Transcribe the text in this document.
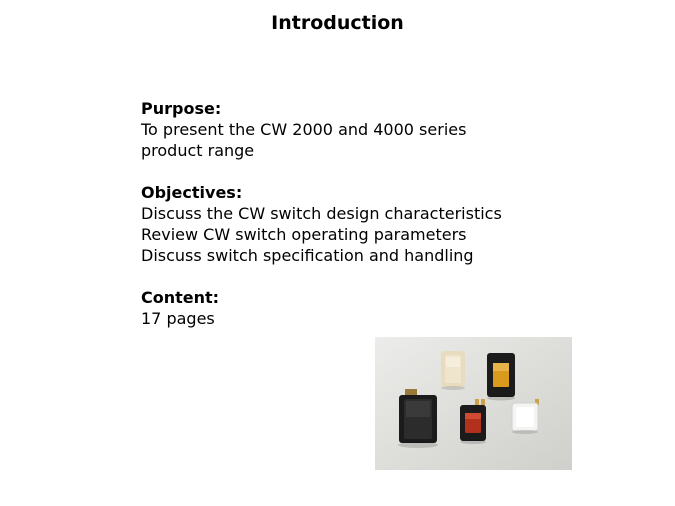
Introduction
Purpose:
To present the CW 2000 and 4000 series
product range
Objectives:
Discuss the CW switch design characteristics
Review CW switch operating parameters
Discuss switch specification and handling
Content:
17 pages
